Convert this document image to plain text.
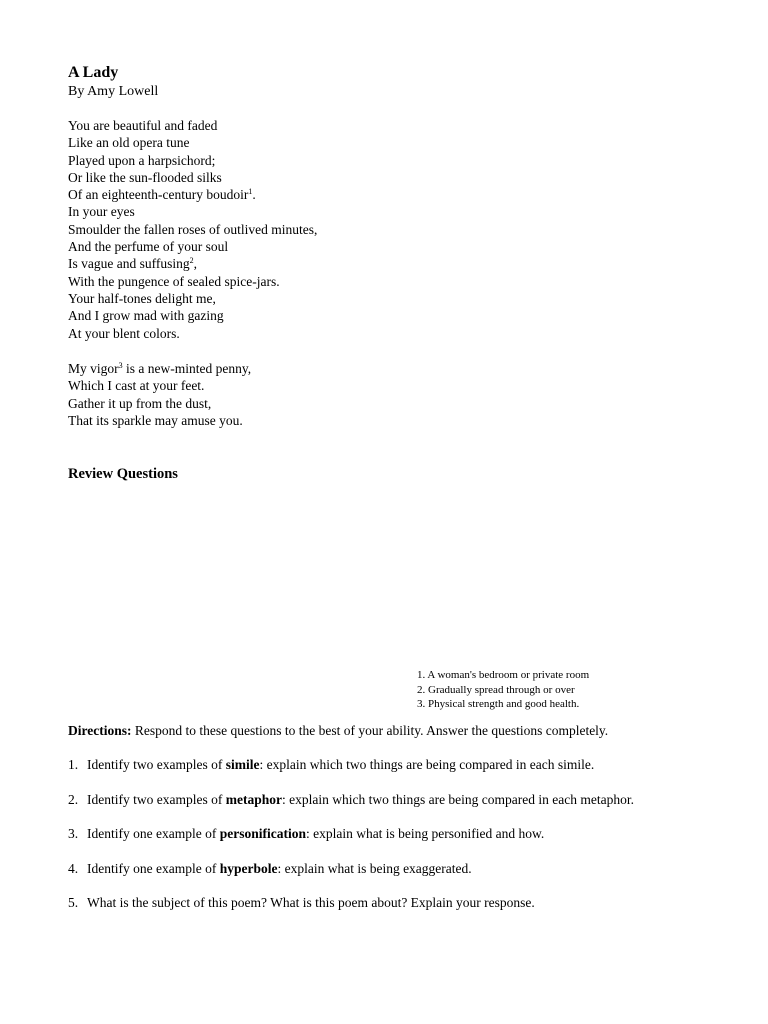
A Lady
By Amy Lowell
You are beautiful and faded
Like an old opera tune
Played upon a harpsichord;
Or like the sun-flooded silks
Of an eighteenth-century boudoir$^1$.
In your eyes
Smoulder the fallen roses of outlived minutes,
And the perfume of your soul
Is vague and suffusing$^2$,
With the pungence of sealed spice-jars.
Your half-tones delight me,
And I grow mad with gazing
At your blent colors.
My vigor$^3$ is a new-minted penny,
Which I cast at your feet.
Gather it up from the dust,
That its sparkle may amuse you.
Review Questions
1. A woman's bedroom or private room
2. Gradually spread through or over
3. Physical strength and good health.
Directions: Respond to these questions to the best of your ability. Answer the questions completely.
1. Identify two examples of simile: explain which two things are being compared in each simile.
2. Identify two examples of metaphor: explain which two things are being compared in each metaphor.
3. Identify one example of personification: explain what is being personified and how.
4. Identify one example of hyperbole: explain what is being exaggerated.
5. What is the subject of this poem? What is this poem about? Explain your response.
